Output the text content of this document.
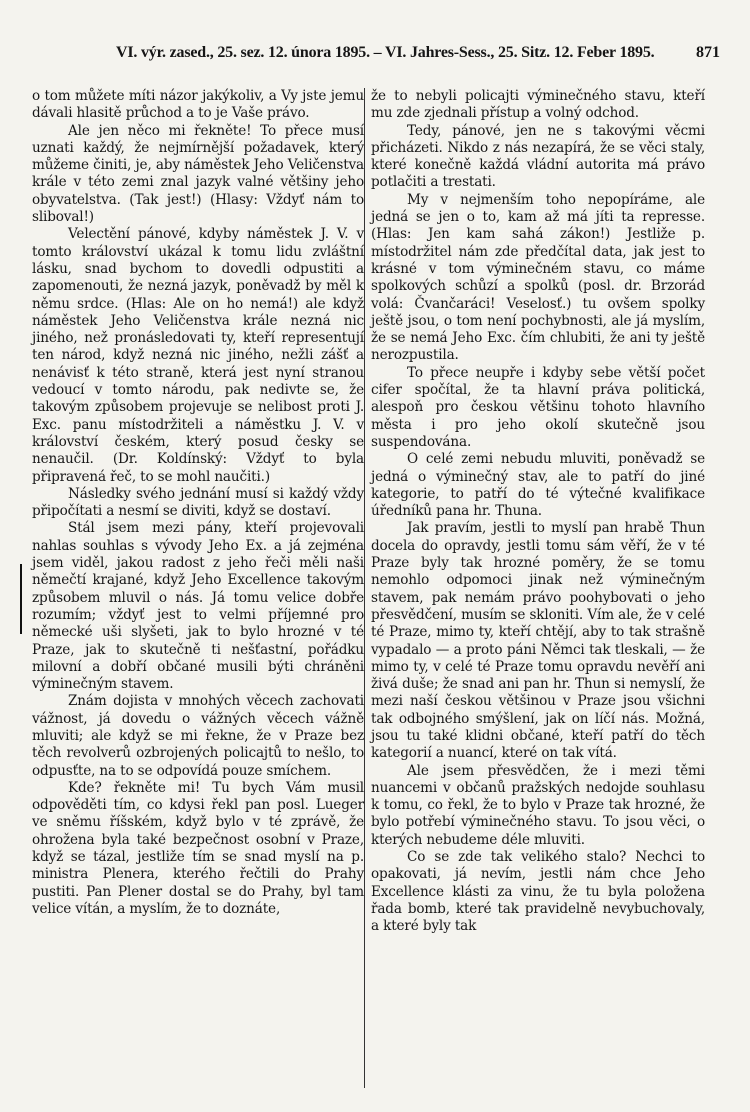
VI. výr. zased., 25. sez. 12. února 1895. – VI. Jahres-Sess., 25. Sitz. 12. Feber 1895.	871

o tom můžete míti názor jakýkoliv, a Vy jste jemu dávali hlasitě průchod a to je Vaše právo.

Ale jen něco mi řekněte! To přece musí uznati každý, že nejmírnější požadavek, který můžeme činiti, je, aby náměstek Jeho Veličenstva krále v této zemi znal jazyk valné většiny jeho obyvatelstva. (Tak jest!) (Hlasy: Vždyť nám to sliboval!)

Velectění pánové, kdyby náměstek J. V. v tomto království ukázal k tomu lidu zvláštní lásku, snad bychom to dovedli odpustiti a zapomenouti, že nezná jazyk, poněvadž by měl k němu srdce. (Hlas: Ale on ho nemá!) ale když náměstek Jeho Veličenstva krále nezná nic jiného, než pronásledovati ty, kteří representují ten národ, když nezná nic jiného, nežli zášť a nenávisť k této straně, která jest nyní stranou vedoucí v tomto národu, pak nedivte se, že takovým způsobem projevuje se nelibost proti J. Exc. panu místodržiteli a náměstku J. V. v království českém, který posud česky se nenaučil. (Dr. Koldínský: Vždyť to byla připravená řeč, to se mohl naučiti.)

Následky svého jednání musí si každý vždy připočítati a nesmí se diviti, když se dostaví.

Stál jsem mezi pány, kteří projevovali nahlas souhlas s vývody Jeho Ex. a já zejména jsem viděl, jakou radost z jeho řeči měli naši němečtí krajané, když Jeho Excellence takovým způsobem mluvil o nás. Já tomu velice dobře rozumím; vždyť jest to velmi příjemné pro německé uši slyšeti, jak to bylo hrozné v té Praze, jak to skutečně ti nešťastní, pořádku milovní a dobří občané musili býti chráněni výminečným stavem.

Znám dojista v mnohých věcech zachovati vážnost, já dovedu o vážných věcech vážně mluviti; ale když se mi řekne, že v Praze bez těch revolverů ozbrojených policajtů to nešlo, to odpusťte, na to se odpovídá pouze smíchem.

Kde? řekněte mi! Tu bych Vám musil odpověděti tím, co kdysi řekl pan posl. Lueger ve sněmu říšském, když bylo v té zprávě, že ohrožena byla také bezpečnost osobní v Praze, když se tázal, jestliže tím se snad myslí na p. ministra Plenera, kterého řečtili do Prahy pustiti. Pan Plener dostal se do Prahy, byl tam velice vítán, a myslím, že to doznáte,

že to nebyli policajti výminečného stavu, kteří mu zde zjednali přístup a volný odchod.

Tedy, pánové, jen ne s takovými věcmi přicházeti. Nikdo z nás nezapírá, že se věci staly, které konečně každá vládní autorita má právo potlačiti a trestati.

My v nejmenším toho nepopíráme, ale jedná se jen o to, kam až má jíti ta represse. (Hlas: Jen kam sahá zákon!) Jestliže p. místodržitel nám zde předčítal data, jak jest to krásné v tom výminečném stavu, co máme spolkových schůzí a spolků (posl. dr. Brzorád volá: Čvančaráci! Veselosť.) tu ovšem spolky ještě jsou, o tom není pochybnosti, ale já myslím, že se nemá Jeho Exc. čím chlubiti, že ani ty ještě nerozpustila.

To přece neupře i kdyby sebe větší počet cifer spočítal, že ta hlavní práva politická, alespoň pro českou většinu tohoto hlavního města i pro jeho okolí skutečně jsou suspendována.

O celé zemi nebudu mluviti, poněvadž se jedná o výminečný stav, ale to patří do jiné kategorie, to patří do té výtečné kvalifikace úředníků pana hr. Thuna.

Jak pravím, jestli to myslí pan hrabě Thun docela do opravdy, jestli tomu sám věří, že v té Praze byly tak hrozné poměry, že se tomu nemohlo odpomoci jinak než výminečným stavem, pak nemám právo poohybovati o jeho přesvědčení, musím se skloniti. Vím ale, že v celé té Praze, mimo ty, kteří chtějí, aby to tak strašně vypadalo — a proto páni Němci tak tleskali, — že mimo ty, v celé té Praze tomu opravdu nevěří ani živá duše; že snad ani pan hr. Thun si nemyslí, že mezi naší českou většinou v Praze jsou všichni tak odbojného smýšlení, jak on líčí nás. Možná, jsou tu také klidni občané, kteří patří do těch kategorií a nuancí, které on tak vítá.

Ale jsem přesvědčen, že i mezi těmi nuancemi v občanů pražských nedojde souhlasu k tomu, co řekl, že to bylo v Praze tak hrozné, že bylo potřebí výminečného stavu. To jsou věci, o kterých nebudeme déle mluviti.

Co se zde tak velikého stalo? Nechci to opakovati, já nevím, jestli nám chce Jeho Excellence klásti za vinu, že tu byla položena řada bomb, které tak pravidelně nevybuchovaly, a které byly tak
